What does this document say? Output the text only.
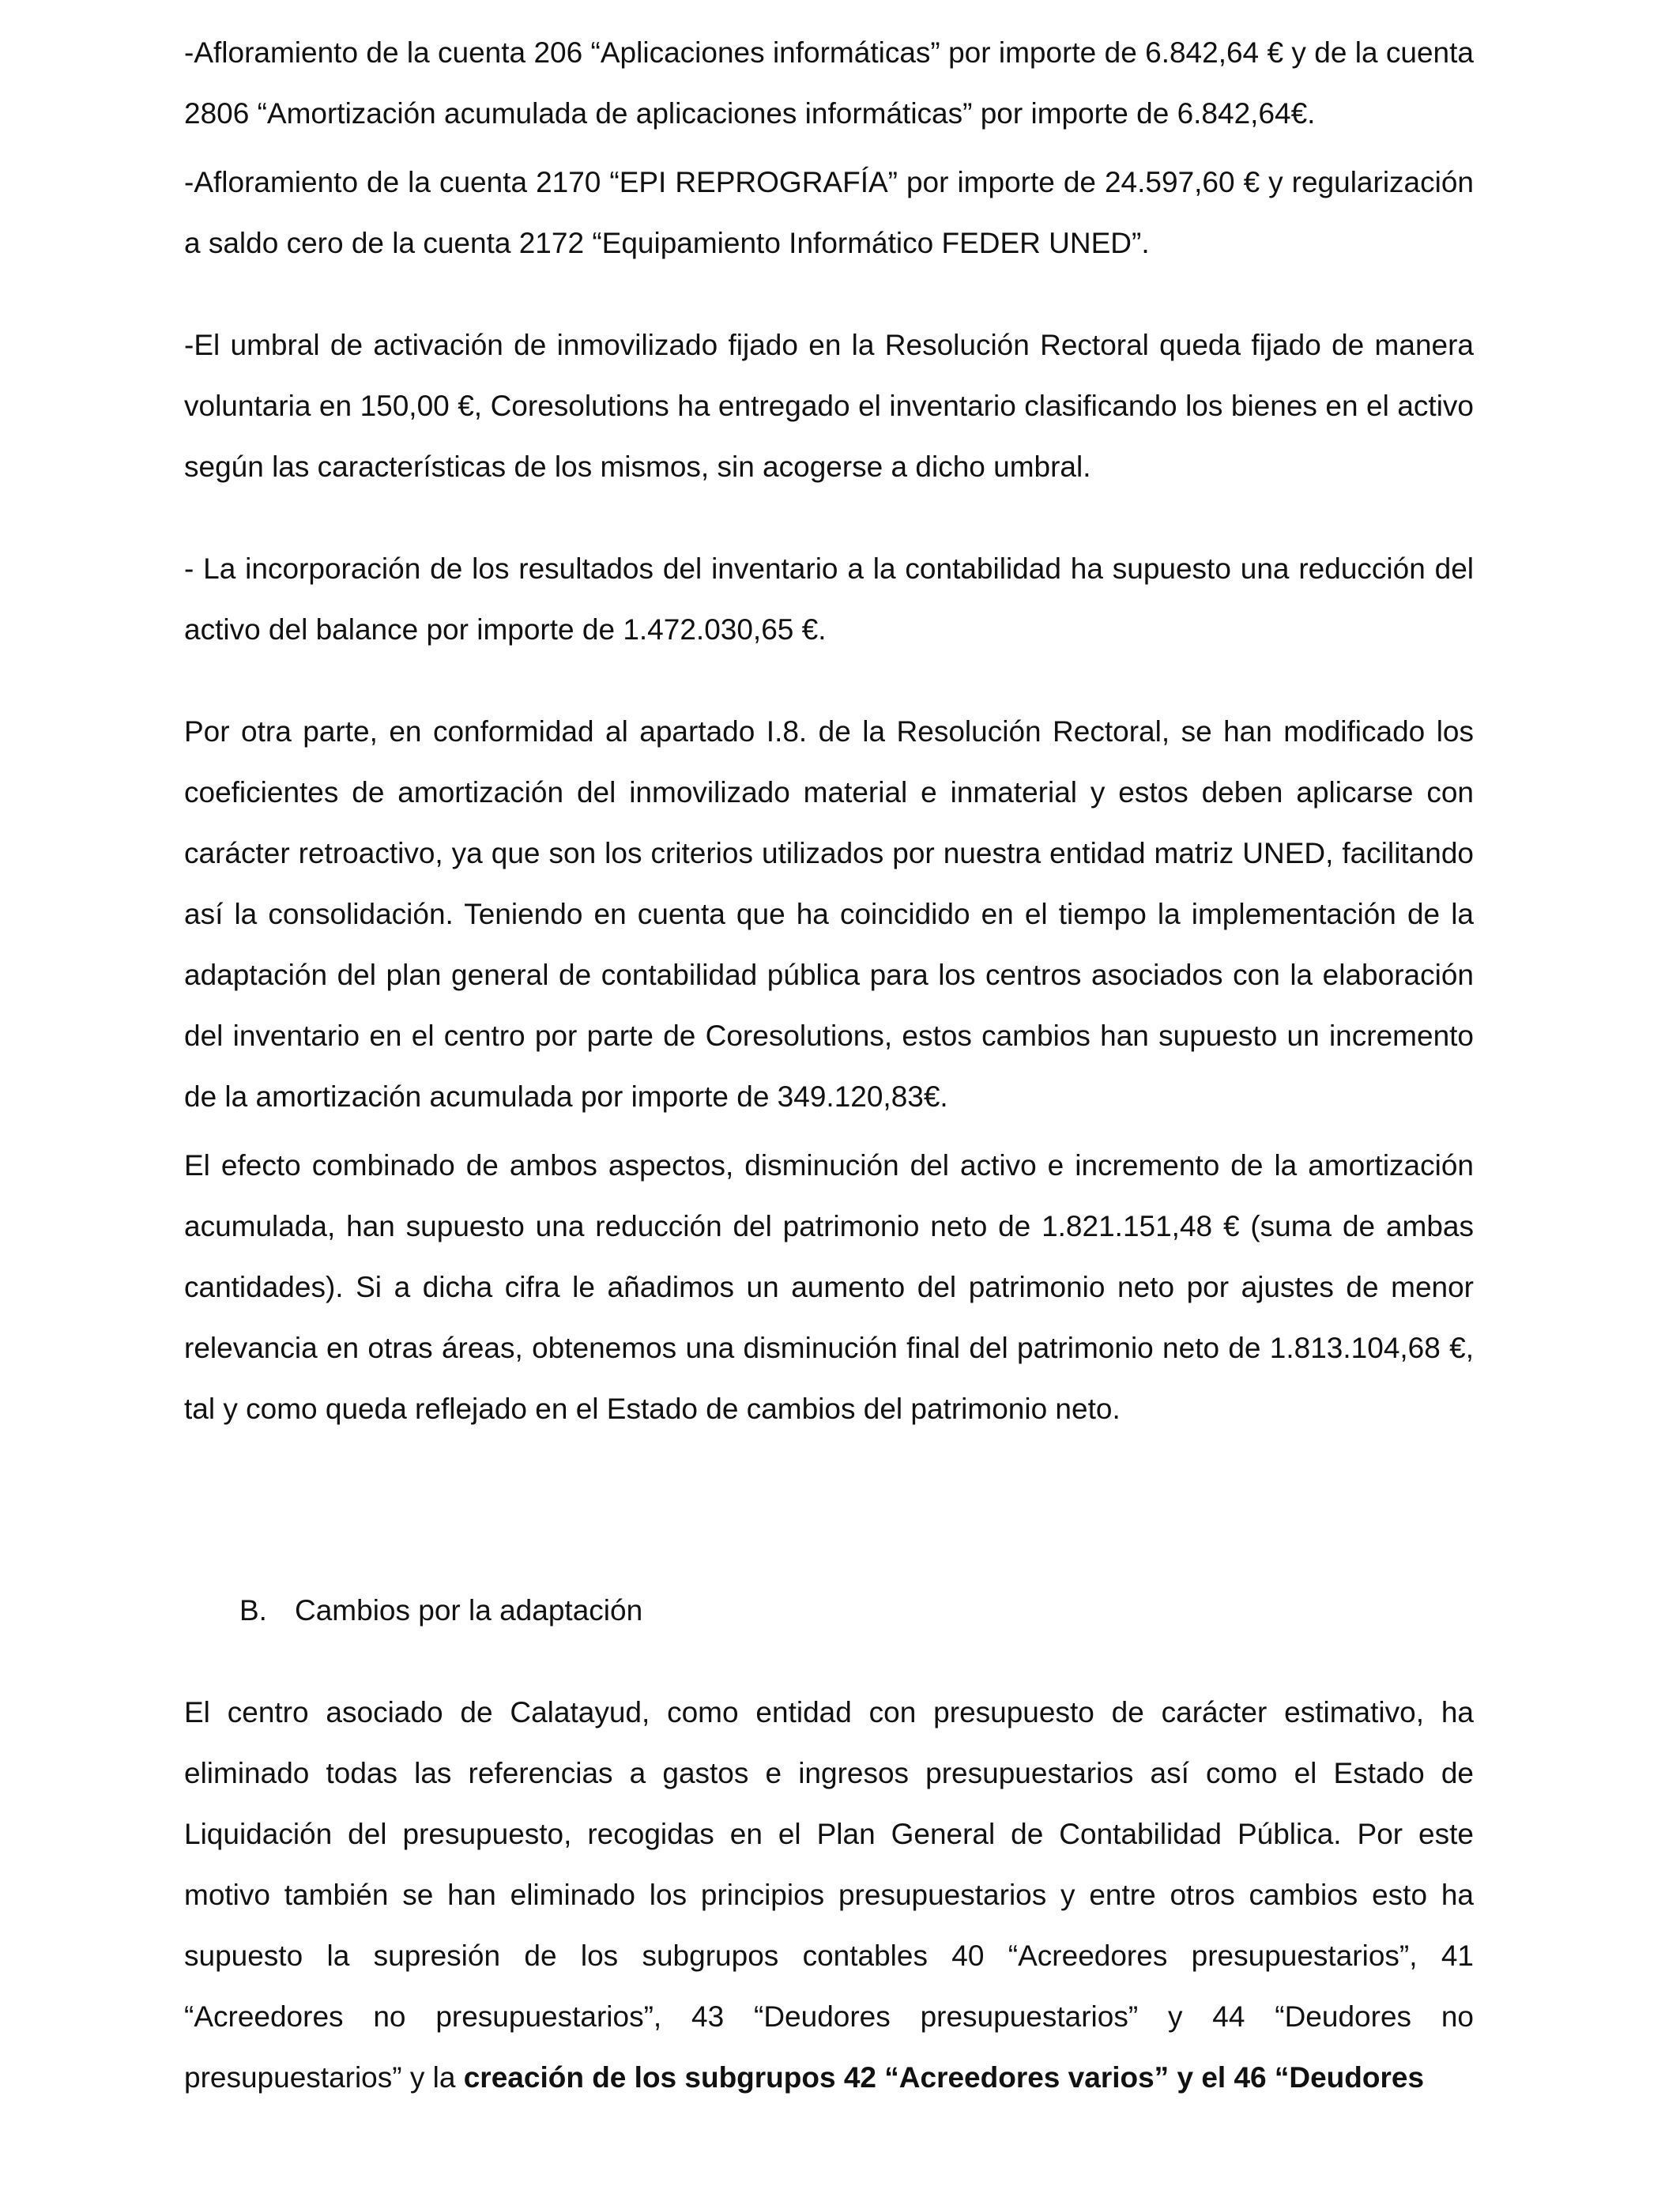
-Afloramiento de la cuenta 206 “Aplicaciones informáticas” por importe de 6.842,64 € y de la cuenta 2806 “Amortización acumulada de aplicaciones informáticas” por importe de 6.842,64€.

-Afloramiento de la cuenta 2170 “EPI REPROGRAFÍA” por importe de 24.597,60 € y regularización a saldo cero de la cuenta 2172 “Equipamiento Informático FEDER UNED”.

-El umbral de activación de inmovilizado fijado en la Resolución Rectoral queda fijado de manera voluntaria en 150,00 €, Coresolutions ha entregado el inventario clasificando los bienes en el activo según las características de los mismos, sin acogerse a dicho umbral.

- La incorporación de los resultados del inventario a la contabilidad ha supuesto una reducción del activo del balance por importe de 1.472.030,65 €.

Por otra parte, en conformidad al apartado I.8. de la Resolución Rectoral, se han modificado los coeficientes de amortización del inmovilizado material e inmaterial y estos deben aplicarse con carácter retroactivo, ya que son los criterios utilizados por nuestra entidad matriz UNED, facilitando así la consolidación. Teniendo en cuenta que ha coincidido en el tiempo la implementación de la adaptación del plan general de contabilidad pública para los centros asociados con la elaboración del inventario en el centro por parte de Coresolutions, estos cambios han supuesto un incremento de la amortización acumulada por importe de 349.120,83€.

El efecto combinado de ambos aspectos, disminución del activo e incremento de la amortización acumulada, han supuesto una reducción del patrimonio neto de 1.821.151,48 € (suma de ambas cantidades). Si a dicha cifra le añadimos un aumento del patrimonio neto por ajustes de menor relevancia en otras áreas, obtenemos una disminución final del patrimonio neto de 1.813.104,68 €, tal y como queda reflejado en el Estado de cambios del patrimonio neto.

B. Cambios por la adaptación

El centro asociado de Calatayud, como entidad con presupuesto de carácter estimativo, ha eliminado todas las referencias a gastos e ingresos presupuestarios así como el Estado de Liquidación del presupuesto, recogidas en el Plan General de Contabilidad Pública. Por este motivo también se han eliminado los principios presupuestarios y entre otros cambios esto ha supuesto la supresión de los subgrupos contables 40 “Acreedores presupuestarios”, 41 “Acreedores no presupuestarios”, 43 “Deudores presupuestarios” y 44 “Deudores no presupuestarios” y la creación de los subgrupos 42 “Acreedores varios” y el 46 “Deudores
